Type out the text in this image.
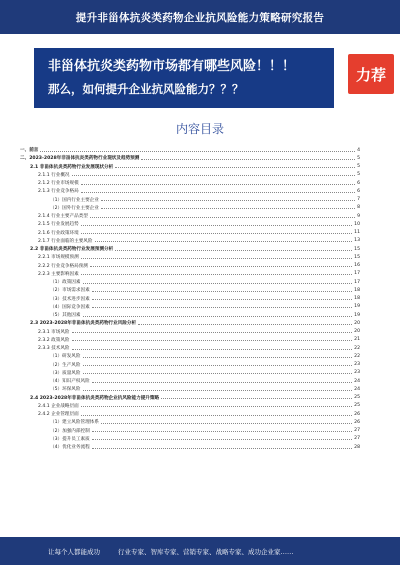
提升非甾体抗炎类药物企业抗风险能力策略研究报告
非甾体抗炎类药物市场都有哪些风险！！！
那么，如何提升企业抗风险能力？？？
力荐
内容目录
一、前言	4
二、2023-2028年非甾体抗炎类药物行业现状及趋势预测	5
2.1 非甾体抗炎类药物行业发展现状分析	5
2.1.1 行业概况	5
2.1.2 行业市场规模	6
2.1.3 行业竞争格局	6
（1）国内行业主要企业	7
（2）国外行业主要企业	8
2.1.4 行业主要产品类型	9
2.1.5 行业发展趋势	10
2.1.6 行业政策环境	11
2.1.7 行业面临的主要风险	13
2.2 非甾体抗炎类药物行业发展预测分析	15
2.2.1 市场规模预测	15
2.2.2 行业竞争格局预测	16
2.2.3 主要影响因素	17
（1）政策因素	17
（2）市场需求因素	18
（3）技术进步因素	18
（4）国际竞争因素	19
（5）其他因素	19
2.3 2023-2028年非甾体抗炎类药物行业风险分析	20
2.3.1 市场风险	20
2.3.2 政策风险	21
2.3.3 技术风险	22
（1）研发风险	22
（2）生产风险	23
（3）质量风险	23
（4）知识产权风险	24
（5）环保风险	24
2.4 2023-2028年非甾体抗炎类药物企业抗风险能力提升策略	25
2.4.1 企业战略层面	25
2.4.2 企业管理层面	26
（1）建立风险管理体系	26
（2）加强内部控制	27
（3）提升员工素质	27
（4）优化业务流程	28
让每个人都能成功	行业专家、智库专家、营销专家、战略专家、成功企业家……
